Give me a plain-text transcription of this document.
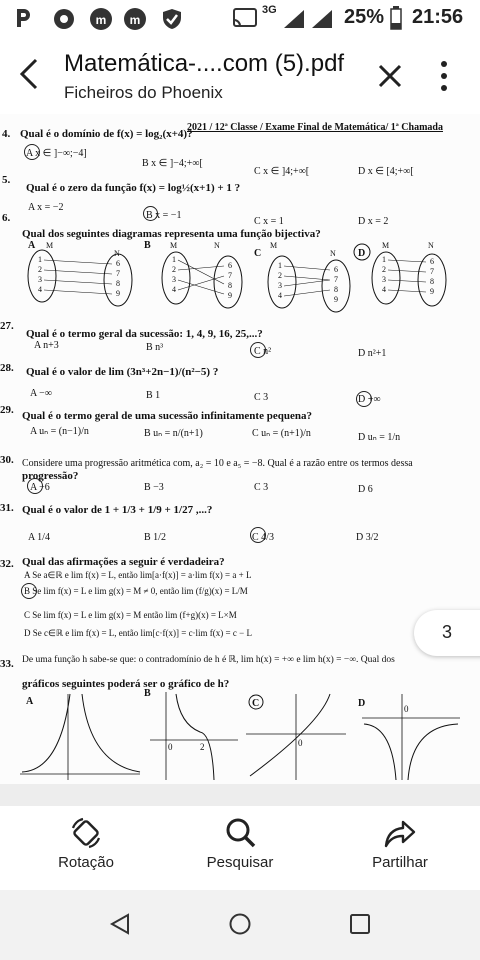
m m
3G	25% 21:56
Matemática-....com (5).pdf
Ficheiros do Phoenix
2021 / 12ª Classe / Exame Final de Matemática/ 1ª Chamada
4. Qual é o domínio de f(x) = log₂(x+4)?
A x ∈ ]−∞;−4]
B x ∈ ]−4;+∞[
C x ∈ ]4;+∞[	D x ∈ [4;+∞[
5.
Qual é o zero da função f(x) = log½(x+1) + 1 ?
A x = −2
B x = −1
C x = 1	D x = 2
6.
Qual dos seguintes diagramas representa uma função bijectiva?
A M
N
1
2
3
4
6
7
8
9
B M	N
1
2
3
4
6
7
8
9
C
M
N
1
2
3
4
6
7
8
9
D
M	N
1
2
3
4
6
7
8
9
27.
Qual é o termo geral da sucessão: 1, 4, 9, 16, 25,...?
A n+3	B n³	C n²	D n²+1
28. Qual é o valor de lim (3n³+2n−1)/(n²−5) ?
A −∞	B 1	C 3	D +∞
29. Qual é o termo geral de uma sucessão infinitamente pequena?
A uₙ = (n−1)/n	B uₙ = n/(n+1)	C uₙ = (n+1)/n	D uₙ = 1/n
30. Considere uma progressão aritmética com, a₂ = 10 e a₅ = −8. Qual é a razão entre os termos dessa
progressão?
A −6	B −3	C 3	D 6
31. Qual é o valor de 1 + 1/3 + 1/9 + 1/27 ,...?
A 1/4	B 1/2	C 4/3	D 3/2
32. Qual das afirmações a seguir é verdadeira?
A Se a∈ℝ e lim f(x) = L, então lim[a·f(x)] = a·lim f(x) = a + L
B Se lim f(x) = L e lim g(x) = M ≠ 0, então lim (f/g)(x) = L/M
C Se lim f(x) = L e lim g(x) = M então lim (f+g)(x) = L×M
D Se c∈ℝ e lim f(x) = L, então lim[c·f(x)] = c·lim f(x) = c − L
33. De uma função h sabe-se que: o contradomínio de h é ℝ, lim h(x) = +∞ e lim h(x) = −∞. Qual dos
gráficos seguintes poderá ser o gráfico de h?
A
B
0	2
C
0
D	0
3
Rotação	Pesquisar	Partilhar
